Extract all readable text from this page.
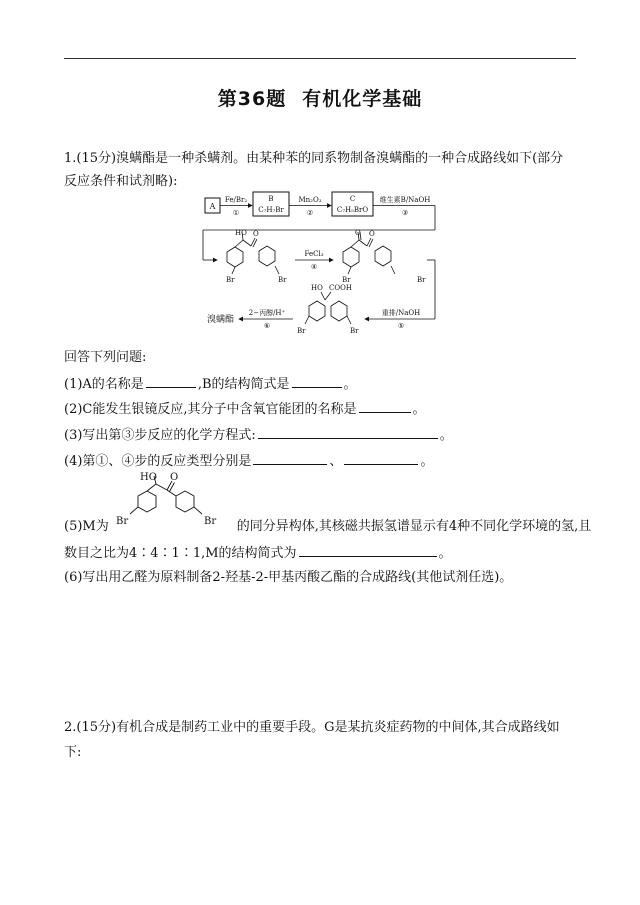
第36题 有机化学基础
1.(15分)溴螨酯是一种杀螨剂。由某种苯的同系物制备溴螨酯的一种合成路线如下(部分
反应条件和试剂略):
A
Fe/Br₂
①
B
C₇H₇Br
Mn₂O₃
②
C
C₇H₅BrO
维生素B/NaOH
③
HO O
Br	Br
FeCl₃
④
O O
Br	Br
重排/NaOH
⑤
HO COOH
Br	Br
2−丙醇/H⁺
⑥
溴螨酯
回答下列问题:
(1)A的名称是	,B的结构简式是	。
(2)C能发生银镜反应,其分子中含氧官能团的名称是	。
(3)写出第③步反应的化学方程式:	。
(4)第①、④步的反应类型分别是	、	。
HO O
Br	Br
(5)M为	的同分异构体,其核磁共振氢谱显示有4种不同化学环境的氢,且
数目之比为4∶4∶1∶1,M的结构简式为	。
(6)写出用乙醛为原料制备2-羟基-2-甲基丙酸乙酯的合成路线(其他试剂任选)。
2.(15分)有机合成是制药工业中的重要手段。G是某抗炎症药物的中间体,其合成路线如
下:
